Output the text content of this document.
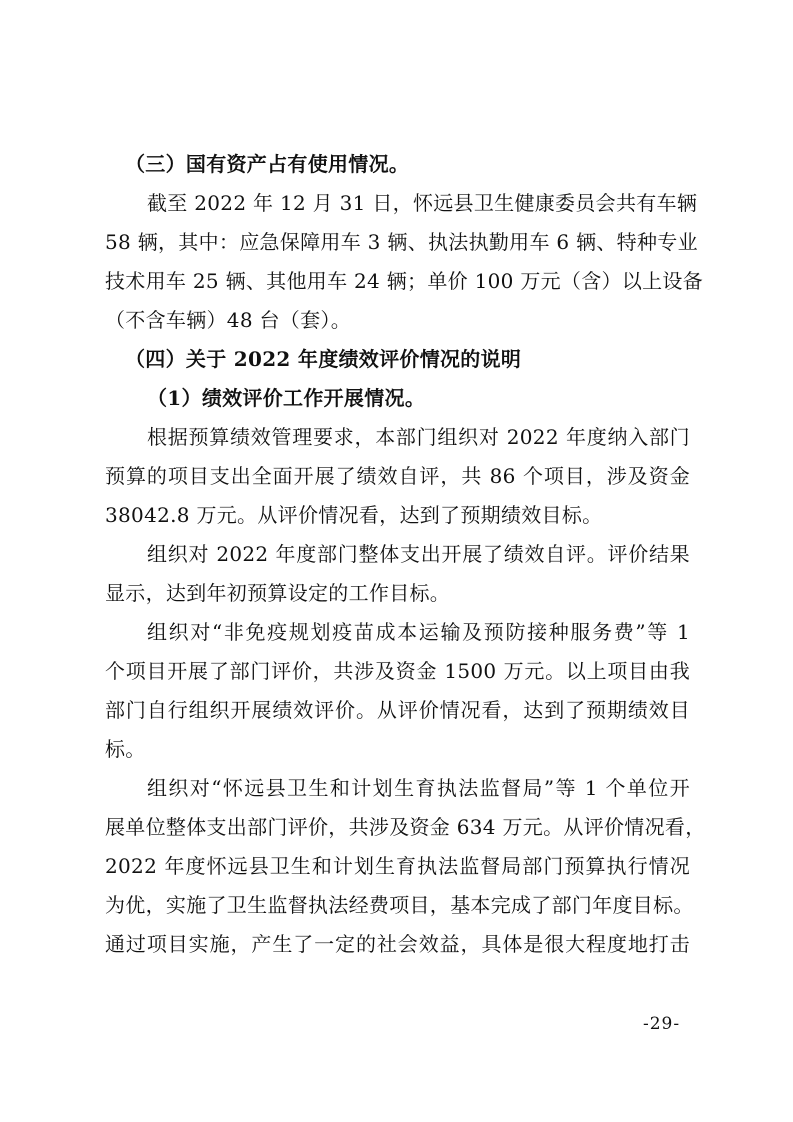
（三）国有资产占有使用情况。
截至 2022 年 12 月 31 日，怀远县卫生健康委员会共有车辆
58 辆，其中：应急保障用车 3 辆、执法执勤用车 6 辆、特种专业
技术用车 25 辆、其他用车 24 辆；单价 100 万元（含）以上设备
（不含车辆）48 台（套）。
（四）关于 2022 年度绩效评价情况的说明
（1）绩效评价工作开展情况。
根据预算绩效管理要求，本部门组织对 2022 年度纳入部门
预算的项目支出全面开展了绩效自评，共 86 个项目，涉及资金
38042.8 万元。从评价情况看，达到了预期绩效目标。
组织对 2022 年度部门整体支出开展了绩效自评。评价结果
显示，达到年初预算设定的工作目标。
组织对“非免疫规划疫苗成本运输及预防接种服务费”等 1
个项目开展了部门评价，共涉及资金 1500 万元。以上项目由我
部门自行组织开展绩效评价。从评价情况看，达到了预期绩效目
标。
组织对“怀远县卫生和计划生育执法监督局”等 1 个单位开
展单位整体支出部门评价，共涉及资金 634 万元。从评价情况看，
2022 年度怀远县卫生和计划生育执法监督局部门预算执行情况
为优，实施了卫生监督执法经费项目，基本完成了部门年度目标。
通过项目实施，产生了一定的社会效益，具体是很大程度地打击
-29-
